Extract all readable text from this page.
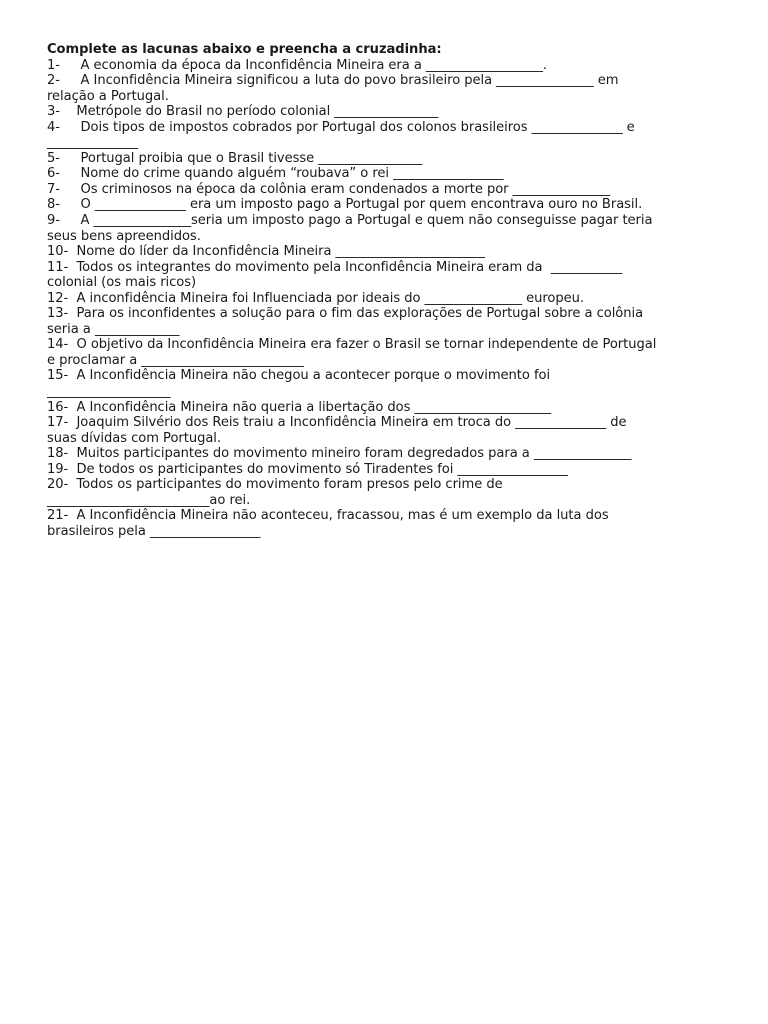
Complete as lacunas abaixo e preencha a cruzadinha:
1-     A economia da época da Inconfidência Mineira era a __________________.
2-     A Inconfidência Mineira significou a luta do povo brasileiro pela _______________ em
relação a Portugal.
3-    Metrópole do Brasil no período colonial ________________
4-     Dois tipos de impostos cobrados por Portugal dos colonos brasileiros ______________ e
______________
5-     Portugal proibia que o Brasil tivesse ________________
6-     Nome do crime quando alguém “roubava” o rei _________________
7-     Os criminosos na época da colônia eram condenados a morte por _______________
8-     O ______________ era um imposto pago a Portugal por quem encontrava ouro no Brasil.
9-     A _______________seria um imposto pago a Portugal e quem não conseguisse pagar teria
seus bens apreendidos.
10-  Nome do líder da Inconfidência Mineira _______________________
11-  Todos os integrantes do movimento pela Inconfidência Mineira eram da  ___________
colonial (os mais ricos)
12-  A inconfidência Mineira foi Influenciada por ideais do _______________ europeu.
13-  Para os inconfidentes a solução para o fim das explorações de Portugal sobre a colônia
seria a _____________
14-  O objetivo da Inconfidência Mineira era fazer o Brasil se tornar independente de Portugal
e proclamar a _________________________
15-  A Inconfidência Mineira não chegou a acontecer porque o movimento foi
___________________
16-  A Inconfidência Mineira não queria a libertação dos _____________________
17-  Joaquim Silvério dos Reis traiu a Inconfidência Mineira em troca do ______________ de
suas dívidas com Portugal.
18-  Muitos participantes do movimento mineiro foram degredados para a _______________
19-  De todos os participantes do movimento só Tiradentes foi _________________
20-  Todos os participantes do movimento foram presos pelo crime de
_________________________ao rei.
21-  A Inconfidência Mineira não aconteceu, fracassou, mas é um exemplo da luta dos
brasileiros pela _________________
